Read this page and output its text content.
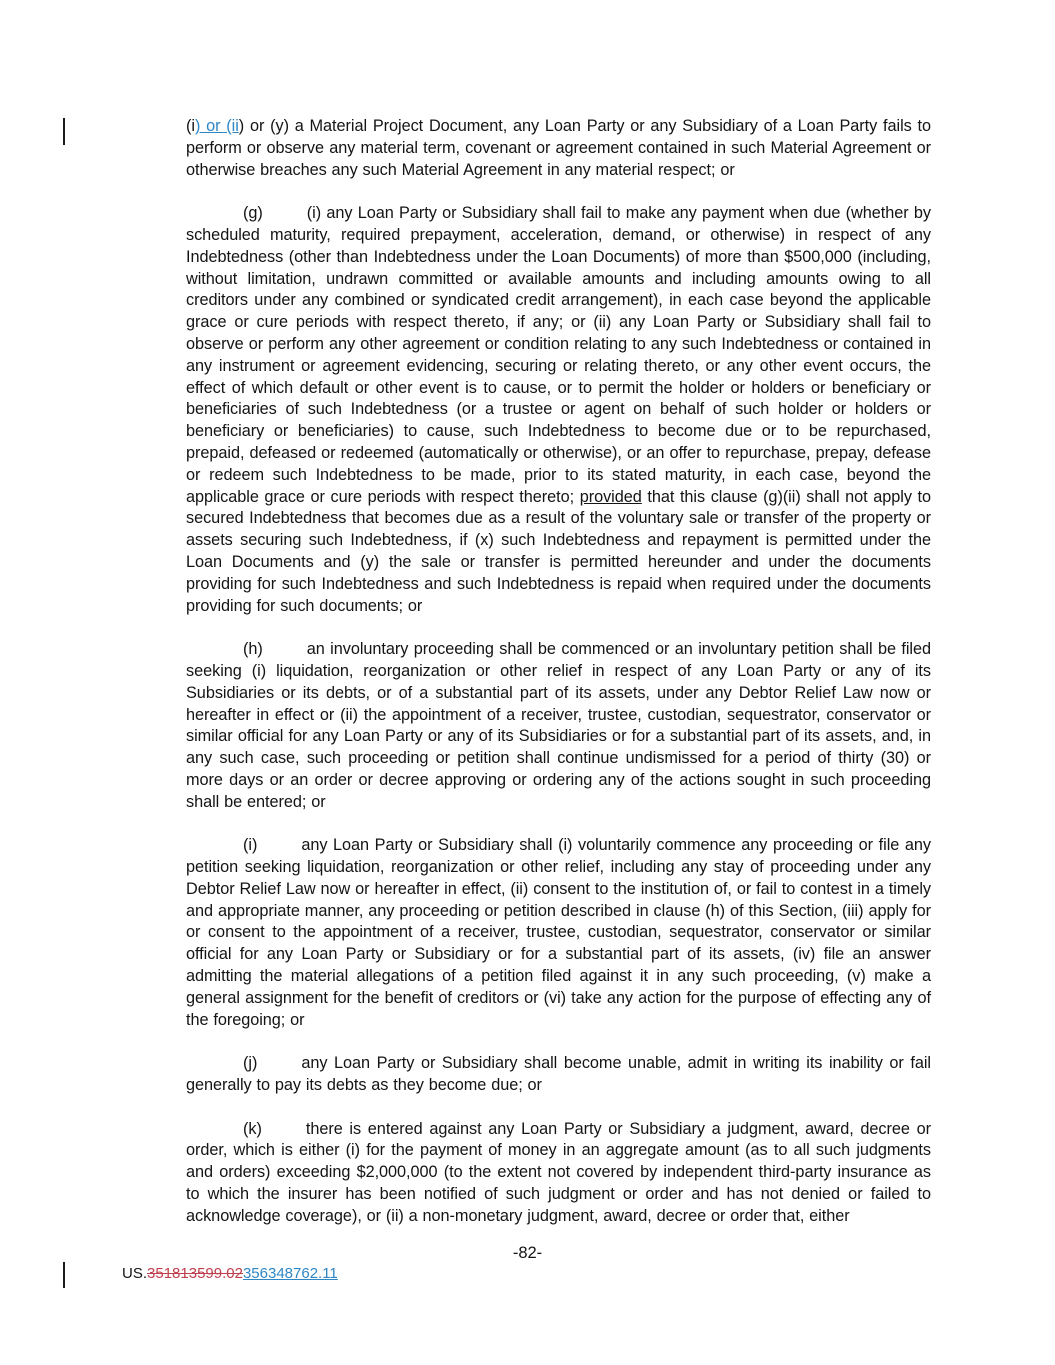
(i) or (ii) or (y) a Material Project Document, any Loan Party or any Subsidiary of a Loan Party fails to perform or observe any material term, covenant or agreement contained in such Material Agreement or otherwise breaches any such Material Agreement in any material respect; or

(g)	(i) any Loan Party or Subsidiary shall fail to make any payment when due (whether by scheduled maturity, required prepayment, acceleration, demand, or otherwise) in respect of any Indebtedness (other than Indebtedness under the Loan Documents) of more than $500,000 (including, without limitation, undrawn committed or available amounts and including amounts owing to all creditors under any combined or syndicated credit arrangement), in each case beyond the applicable grace or cure periods with respect thereto, if any; or (ii) any Loan Party or Subsidiary shall fail to observe or perform any other agreement or condition relating to any such Indebtedness or contained in any instrument or agreement evidencing, securing or relating thereto, or any other event occurs, the effect of which default or other event is to cause, or to permit the holder or holders or beneficiary or beneficiaries of such Indebtedness (or a trustee or agent on behalf of such holder or holders or beneficiary or beneficiaries) to cause, such Indebtedness to become due or to be repurchased, prepaid, defeased or redeemed (automatically or otherwise), or an offer to repurchase, prepay, defease or redeem such Indebtedness to be made, prior to its stated maturity, in each case, beyond the applicable grace or cure periods with respect thereto; provided that this clause (g)(ii) shall not apply to secured Indebtedness that becomes due as a result of the voluntary sale or transfer of the property or assets securing such Indebtedness, if (x) such Indebtedness and repayment is permitted under the Loan Documents and (y) the sale or transfer is permitted hereunder and under the documents providing for such Indebtedness and such Indebtedness is repaid when required under the documents providing for such documents; or

(h)	an involuntary proceeding shall be commenced or an involuntary petition shall be filed seeking (i) liquidation, reorganization or other relief in respect of any Loan Party or any of its Subsidiaries or its debts, or of a substantial part of its assets, under any Debtor Relief Law now or hereafter in effect or (ii) the appointment of a receiver, trustee, custodian, sequestrator, conservator or similar official for any Loan Party or any of its Subsidiaries or for a substantial part of its assets, and, in any such case, such proceeding or petition shall continue undismissed for a period of thirty (30) or more days or an order or decree approving or ordering any of the actions sought in such proceeding shall be entered; or

(i)	any Loan Party or Subsidiary shall (i) voluntarily commence any proceeding or file any petition seeking liquidation, reorganization or other relief, including any stay of proceeding under any Debtor Relief Law now or hereafter in effect, (ii) consent to the institution of, or fail to contest in a timely and appropriate manner, any proceeding or petition described in clause (h) of this Section, (iii) apply for or consent to the appointment of a receiver, trustee, custodian, sequestrator, conservator or similar official for any Loan Party or Subsidiary or for a substantial part of its assets, (iv) file an answer admitting the material allegations of a petition filed against it in any such proceeding, (v) make a general assignment for the benefit of creditors or (vi) take any action for the purpose of effecting any of the foregoing; or

(j)	any Loan Party or Subsidiary shall become unable, admit in writing its inability or fail generally to pay its debts as they become due; or

(k)	there is entered against any Loan Party or Subsidiary a judgment, award, decree or order, which is either (i) for the payment of money in an aggregate amount (as to all such judgments and orders) exceeding $2,000,000 (to the extent not covered by independent third-party insurance as to which the insurer has been notified of such judgment or order and has not denied or failed to acknowledge coverage), or (ii) a non-monetary judgment, award, decree or order that, either

-82-
US.351813599.02356348762.11
